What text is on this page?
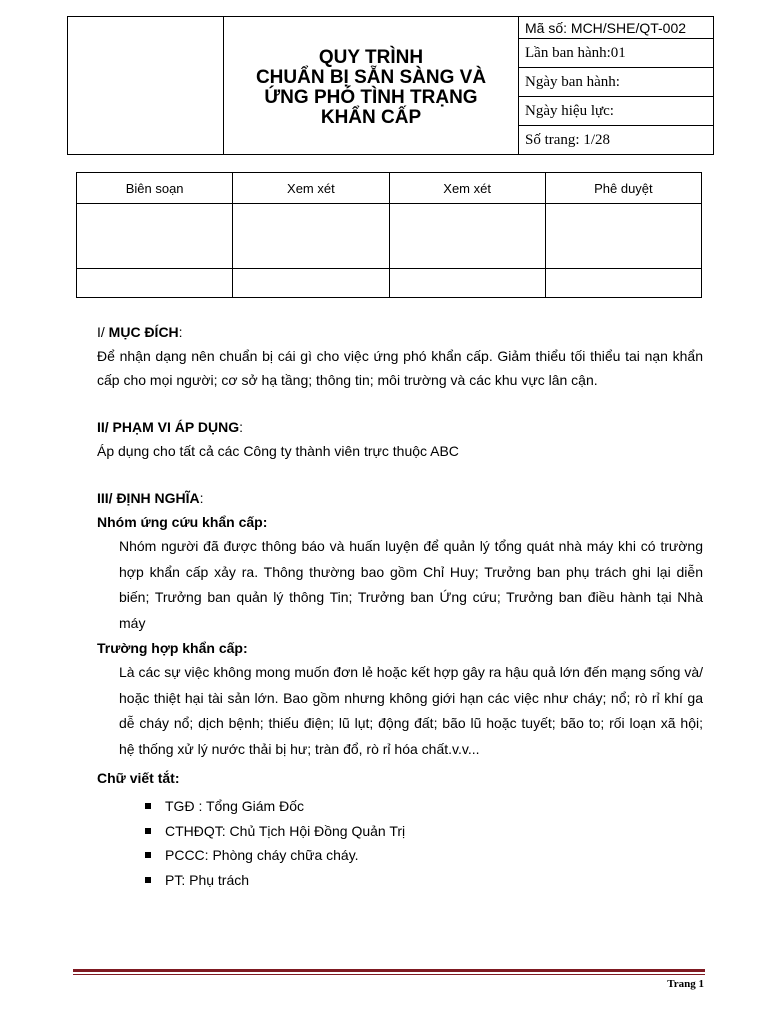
QUY TRÌNH
CHUẨN BỊ SẴN SÀNG VÀ
ỨNG PHÓ TÌNH TRẠNG
KHẨN CẤP
Mã số: MCH/SHE/QT-002
Lần ban hành:01
Ngày ban hành:
Ngày hiệu lực:
Số trang: 1/28
Biên soạn	Xem xét	Xem xét	Phê duyệt

I/ MỤC ĐÍCH:

Để nhận dạng nên chuẩn bị cái gì cho việc ứng phó khẩn cấp. Giảm thiểu tối thiểu tai nạn khẩn cấp cho mọi người; cơ sở hạ tầng; thông tin; môi trường và các khu vực lân cận.

II/ PHẠM VI ÁP DỤNG:

Áp dụng cho tất cả các Công ty thành viên trực thuộc ABC

III/ ĐỊNH NGHĨA:

Nhóm ứng cứu khẩn cấp:

Nhóm người đã được thông báo và huấn luyện để quản lý tổng quát nhà máy khi có trường hợp khẩn cấp xảy ra. Thông thường bao gồm Chỉ Huy; Trưởng ban phụ trách ghi lại diễn biến; Trưởng ban quản lý thông Tin; Trưởng ban Ứng cứu; Trưởng ban điều hành tại Nhà máy

Trường hợp khẩn cấp:

Là các sự việc không mong muốn đơn lẻ hoặc kết hợp gây ra hậu quả lớn đến mạng sống và/ hoặc thiệt hại tài sản lớn. Bao gồm nhưng không giới hạn các việc như cháy; nổ; rò rỉ khí ga dễ cháy nổ; dịch bệnh; thiếu điện; lũ lụt; động đất; bão lũ hoặc tuyết; bão to; rối loạn xã hội; hệ thống xử lý nước thải bị hư; tràn đổ, rò rỉ hóa chất.v.v...

Chữ viết tắt:

TGĐ : Tổng Giám Đốc
CTHĐQT: Chủ Tịch Hội Đồng Quản Trị
PCCC: Phòng cháy chữa cháy.
PT: Phụ trách
Trang 1
